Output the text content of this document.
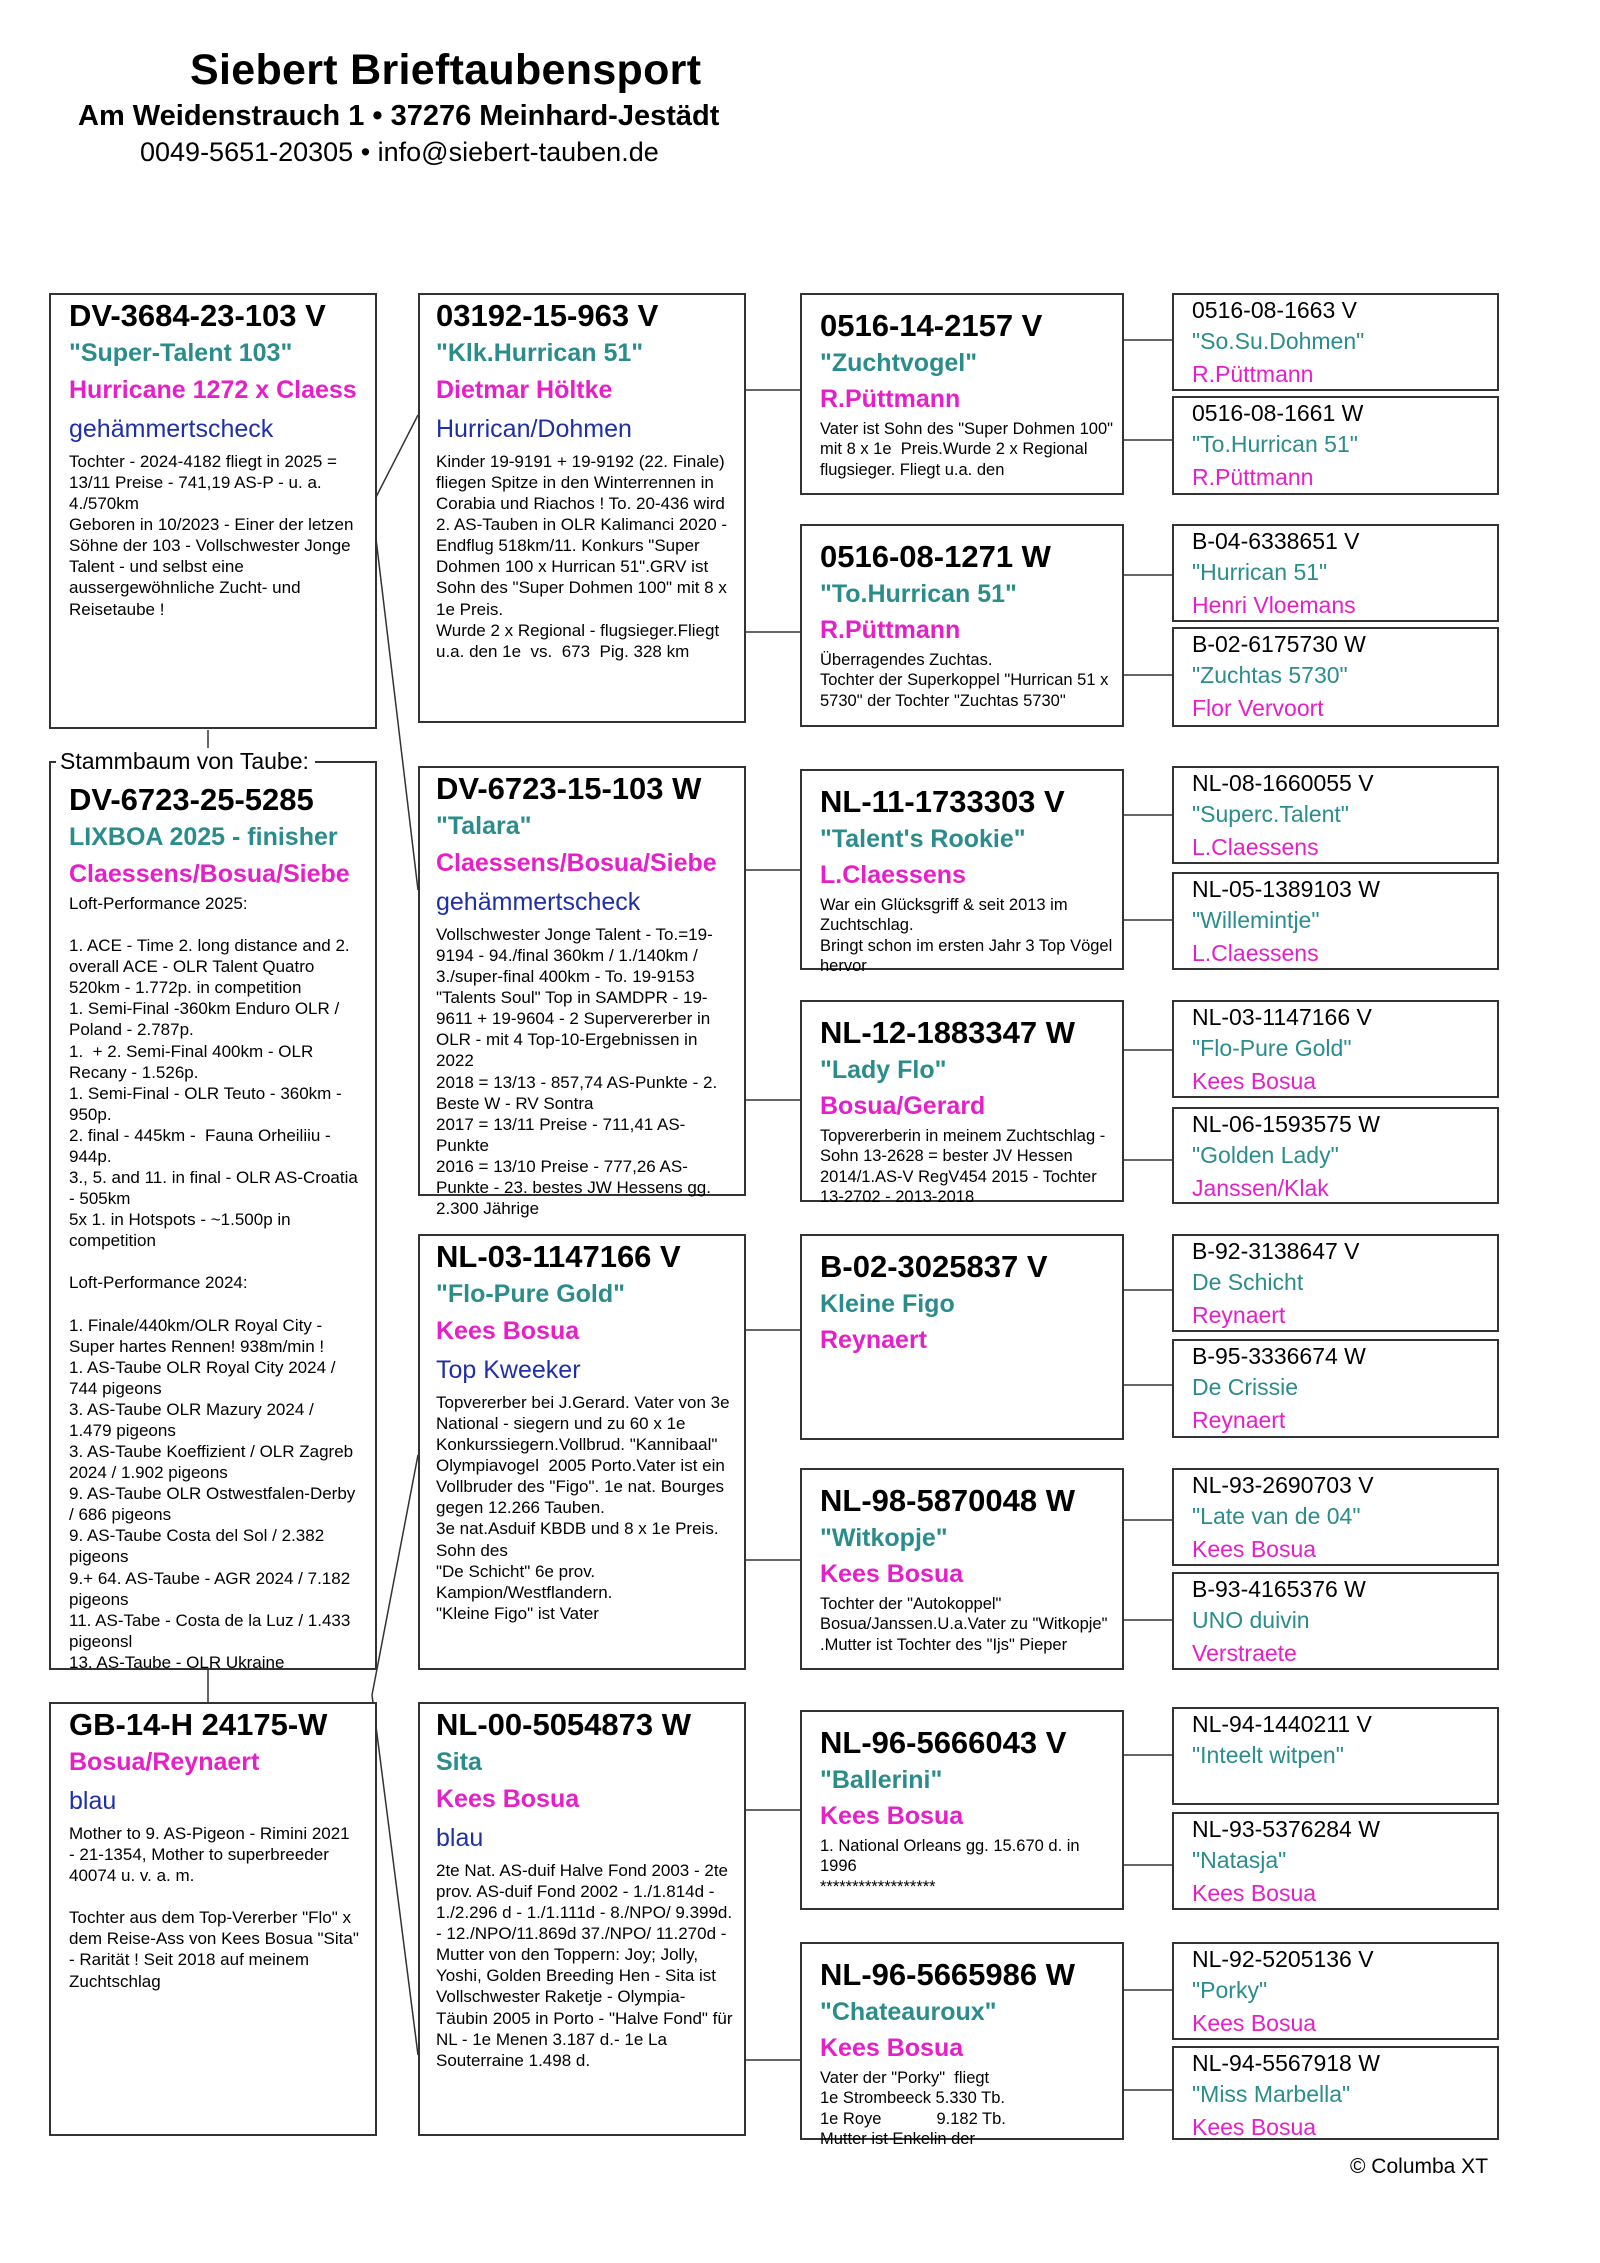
Siebert Brieftaubensport
Am Weidenstrauch 1 • 37276 Meinhard-Jestädt
0049-5651-20305 • info@siebert-tauben.de
DV-3684-23-103 V
"Super-Talent 103"
Hurricane 1272 x Claess
gehämmertscheck
Tochter - 2024-4182 fliegt in 2025 = 13/11 Preise - 741,19 AS-P - u. a. 4./570km
Geboren in 10/2023 - Einer der letzen Söhne der 103 - Vollschwester Jonge Talent - und selbst eine aussergewöhnliche Zucht- und Reisetaube !
DV-6723-25-5285
LIXBOA 2025 - finisher
Claessens/Bosua/Siebe
Loft-Performance 2025:

1. ACE - Time 2. long distance and 2. overall ACE - OLR Talent Quatro 520km - 1.772p. in competition
1. Semi-Final -360km Enduro OLR / Poland - 2.787p.
1.  + 2. Semi-Final 400km - OLR Recany - 1.526p.
1. Semi-Final - OLR Teuto - 360km - 950p.
2. final - 445km -  Fauna Orheiliiu - 944p.
3., 5. and 11. in final - OLR AS-Croatia - 505km
5x 1. in Hotspots - ~1.500p in competition

Loft-Performance 2024:

1. Finale/440km/OLR Royal City - Super hartes Rennen! 938m/min !
1. AS-Taube OLR Royal City 2024 / 744 pigeons
3. AS-Taube OLR Mazury 2024 / 1.479 pigeons
3. AS-Taube Koeffizient / OLR Zagreb 2024 / 1.902 pigeons
9. AS-Taube OLR Ostwestfalen-Derby / 686 pigeons
9. AS-Taube Costa del Sol / 2.382 pigeons
9.+ 64. AS-Taube - AGR 2024 / 7.182 pigeons
11. AS-Tabe - Costa de la Luz / 1.433 pigeonsl
13. AS-Taube - OLR Ukraine
Stammbaum von Taube:
GB-14-H 24175-W
Bosua/Reynaert
blau
Mother to 9. AS-Pigeon - Rimini 2021 - 21-1354, Mother to superbreeder 40074 u. v. a. m.

Tochter aus dem Top-Vererber "Flo" x dem Reise-Ass von Kees Bosua "Sita" - Rarität ! Seit 2018 auf meinem Zuchtschlag
03192-15-963 V
"Klk.Hurrican 51"
Dietmar Höltke
Hurrican/Dohmen
Kinder 19-9191 + 19-9192 (22. Finale) fliegen Spitze in den Winterrennen in Corabia und Riachos ! To. 20-436 wird 2. AS-Tauben in OLR Kalimanci 2020 - Endflug 518km/11. Konkurs "Super Dohmen 100 x Hurrican 51".GRV ist  Sohn des "Super Dohmen 100" mit 8 x 1e Preis.
Wurde 2 x Regional - flugsieger.Fliegt u.a. den 1e  vs.  673  Pig. 328 km
DV-6723-15-103 W
"Talara"
Claessens/Bosua/Siebe
gehämmertscheck
Vollschwester Jonge Talent - To.=19-9194 - 94./final 360km / 1./140km / 3./super-final 400km - To. 19-9153 "Talents Soul" Top in SAMDPR - 19-9611 + 19-9604 - 2 Supervererber in OLR - mit 4 Top-10-Ergebnissen in 2022
2018 = 13/13 - 857,74 AS-Punkte - 2. Beste W - RV Sontra
2017 = 13/11 Preise - 711,41 AS-Punkte
2016 = 13/10 Preise - 777,26 AS-Punkte - 23. bestes JW Hessens gg. 2.300 Jährige
NL-03-1147166 V
"Flo-Pure Gold"
Kees Bosua
Top Kweeker
Topvererber bei J.Gerard. Vater von 3e National - siegern und zu 60 x 1e Konkurssiegern.Vollbrud. "Kannibaal" Olympiavogel  2005 Porto.Vater ist ein Vollbruder des "Figo". 1e nat. Bourges  gegen 12.266 Tauben.
3e nat.Asduif KBDB und 8 x 1e Preis. Sohn des
"De Schicht" 6e prov. Kampion/Westflandern.
"Kleine Figo" ist Vater
NL-00-5054873 W
Sita
Kees Bosua
blau
2te Nat. AS-duif Halve Fond 2003 - 2te prov. AS-duif Fond 2002 - 1./1.814d - 1./2.296 d - 1./1.111d - 8./NPO/ 9.399d. - 12./NPO/11.869d 37./NPO/ 11.270d - Mutter von den Toppern: Joy; Jolly, Yoshi, Golden Breeding Hen - Sita ist Vollschwester Raketje - Olympia-Täubin 2005 in Porto - "Halve Fond" für NL - 1e Menen 3.187 d.- 1e La Souterraine 1.498 d.
0516-14-2157 V
"Zuchtvogel"
R.Püttmann
Vater ist Sohn des "Super Dohmen 100" mit 8 x 1e  Preis.Wurde 2 x Regional flugsieger. Fliegt u.a. den
0516-08-1271 W
"To.Hurrican 51"
R.Püttmann
Überragendes Zuchtas.
Tochter der Superkoppel "Hurrican 51 x 5730" der Tochter "Zuchtas 5730"
NL-11-1733303 V
"Talent's Rookie"
L.Claessens
War ein Glücksgriff & seit 2013 im Zuchtschlag.
Bringt schon im ersten Jahr 3 Top Vögel hervor
NL-12-1883347 W
"Lady Flo"
Bosua/Gerard
Topvererberin in meinem Zuchtschlag - Sohn 13-2628 = bester JV Hessen 2014/1.AS-V RegV454 2015 - Tochter 13-2702 - 2013-2018
B-02-3025837 V
Kleine Figo
Reynaert
NL-98-5870048 W
"Witkopje"
Kees Bosua
Tochter der "Autokoppel" Bosua/Janssen.U.a.Vater zu "Witkopje" .Mutter ist Tochter des "Ijs" Pieper
NL-96-5666043 V
"Ballerini"
Kees Bosua
1. National Orleans gg. 15.670 d. in 1996
******************
NL-96-5665986 W
"Chateauroux"
Kees Bosua
Vater der "Porky"  fliegt
1e Strombeeck 5.330 Tb.
1e Roye            9.182 Tb.
Mutter ist Enkelin der
0516-08-1663 V
"So.Su.Dohmen"
R.Püttmann
0516-08-1661 W
"To.Hurrican 51"
R.Püttmann
B-04-6338651 V
"Hurrican 51"
Henri Vloemans
B-02-6175730 W
"Zuchtas 5730"
Flor Vervoort
NL-08-1660055 V
"Superc.Talent"
L.Claessens
NL-05-1389103 W
"Willemintje"
L.Claessens
NL-03-1147166 V
"Flo-Pure Gold"
Kees Bosua
NL-06-1593575 W
"Golden Lady"
Janssen/Klak
B-92-3138647 V
De Schicht
Reynaert
B-95-3336674 W
De Crissie
Reynaert
NL-93-2690703 V
"Late van de 04"
Kees Bosua
B-93-4165376 W
UNO duivin
Verstraete
NL-94-1440211 V
"Inteelt witpen"
NL-93-5376284 W
"Natasja"
Kees Bosua
NL-92-5205136 V
"Porky"
Kees Bosua
NL-94-5567918 W
"Miss Marbella"
Kees Bosua
© Columba XT
